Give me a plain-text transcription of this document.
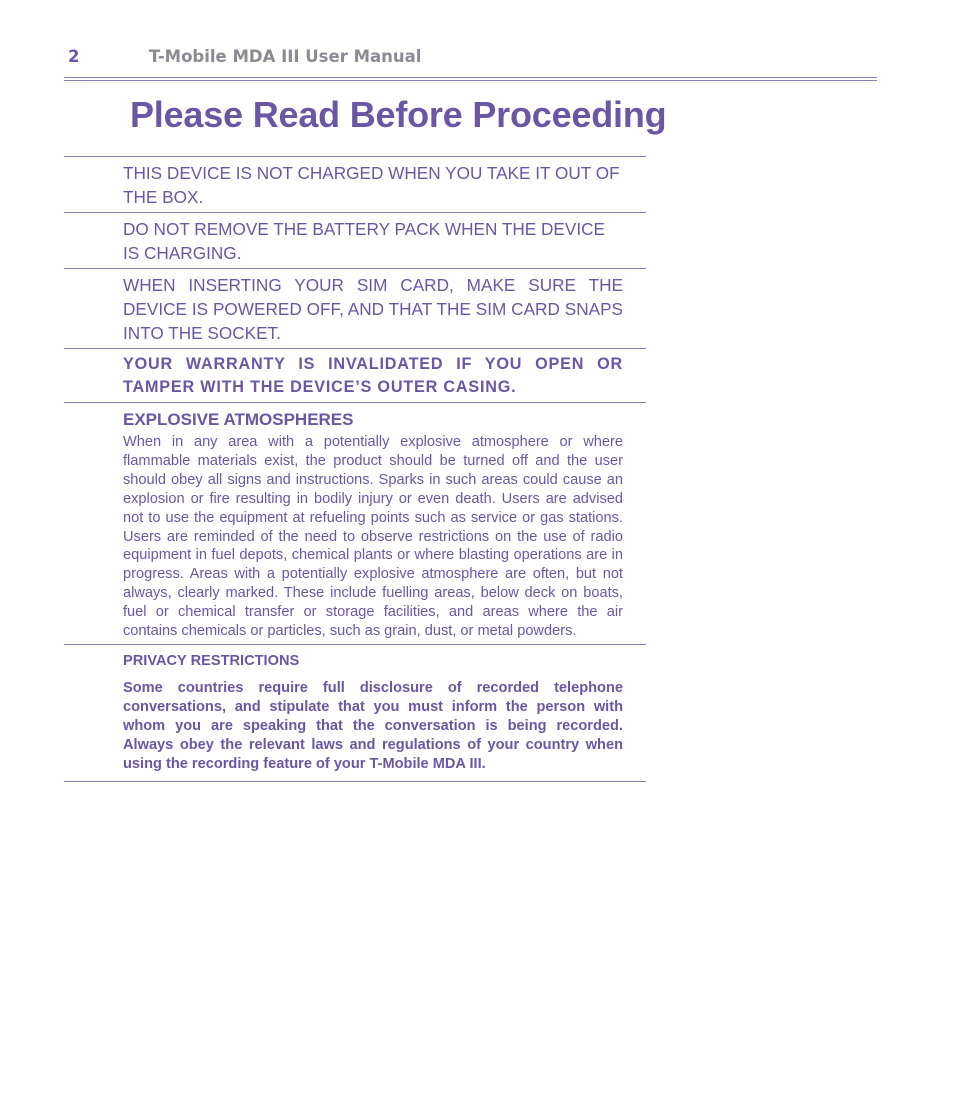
2	T-Mobile MDA III User Manual
Please Read Before Proceeding
THIS DEVICE IS NOT CHARGED WHEN YOU TAKE IT OUT OF THE BOX.
DO NOT REMOVE THE BATTERY PACK WHEN THE DEVICE IS CHARGING.
WHEN INSERTING YOUR SIM CARD, MAKE SURE THE DEVICE IS POWERED OFF, AND THAT THE SIM CARD SNAPS INTO THE SOCKET.
YOUR WARRANTY IS INVALIDATED IF YOU OPEN OR TAMPER WITH THE DEVICE’S OUTER CASING.
EXPLOSIVE ATMOSPHERES
When in any area with a potentially explosive atmosphere or where flammable materials exist, the product should be turned off and the user should obey all signs and instructions. Sparks in such areas could cause an explosion or fire resulting in bodily injury or even death. Users are advised not to use the equipment at refueling points such as service or gas stations. Users are reminded of the need to observe restrictions on the use of radio equipment in fuel depots, chemical plants or where blasting operations are in progress. Areas with a potentially explosive atmosphere are often, but not always, clearly marked. These include fuelling areas, below deck on boats, fuel or chemical transfer or storage facilities, and areas where the air contains chemicals or particles, such as grain, dust, or metal powders.
PRIVACY RESTRICTIONS
Some countries require full disclosure of recorded telephone conversations, and stipulate that you must inform the person with whom you are speaking that the conversation is being recorded. Always obey the relevant laws and regulations of your country when using the recording feature of your T-Mobile MDA III.
